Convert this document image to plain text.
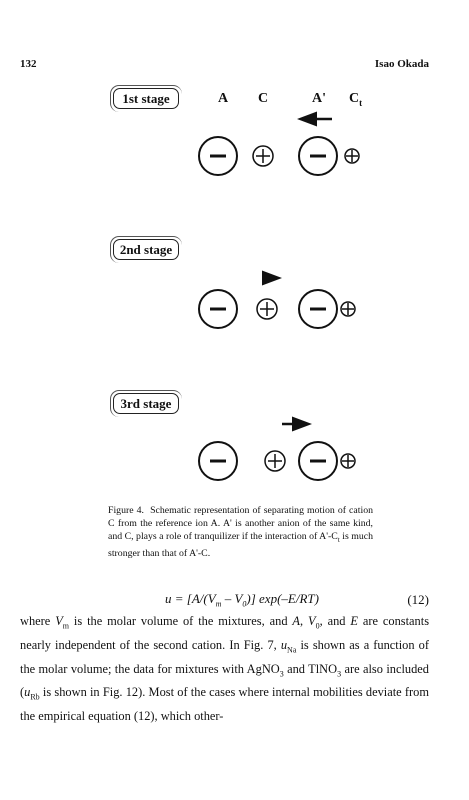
132	Isao Okada
1st stage
2nd stage
3rd stage
A C	A' $C_t$
Figure 4. Schematic representation of separating motion of cation C from the reference ion A. A' is another anion of the same kind, and C, plays a role of tranquilizer if the interaction of $A'-C_t$ is much stronger than that of A'-C.
$u = [A/(V_m - V_0)]$ exp(–E/RT)	(12)

where $V_m$ is the molar volume of the mixtures, and A, $V_0$, and E are constants nearly independent of the second cation. In Fig. 7, $u_{Na}$ is shown as a function of the molar volume; the data for mixtures with AgNO$_3$ and TlNO$_3$ are also included ($u_{Rb}$ is shown in Fig. 12). Most of the cases where internal mobilities deviate from the empirical equation (12), which other-
